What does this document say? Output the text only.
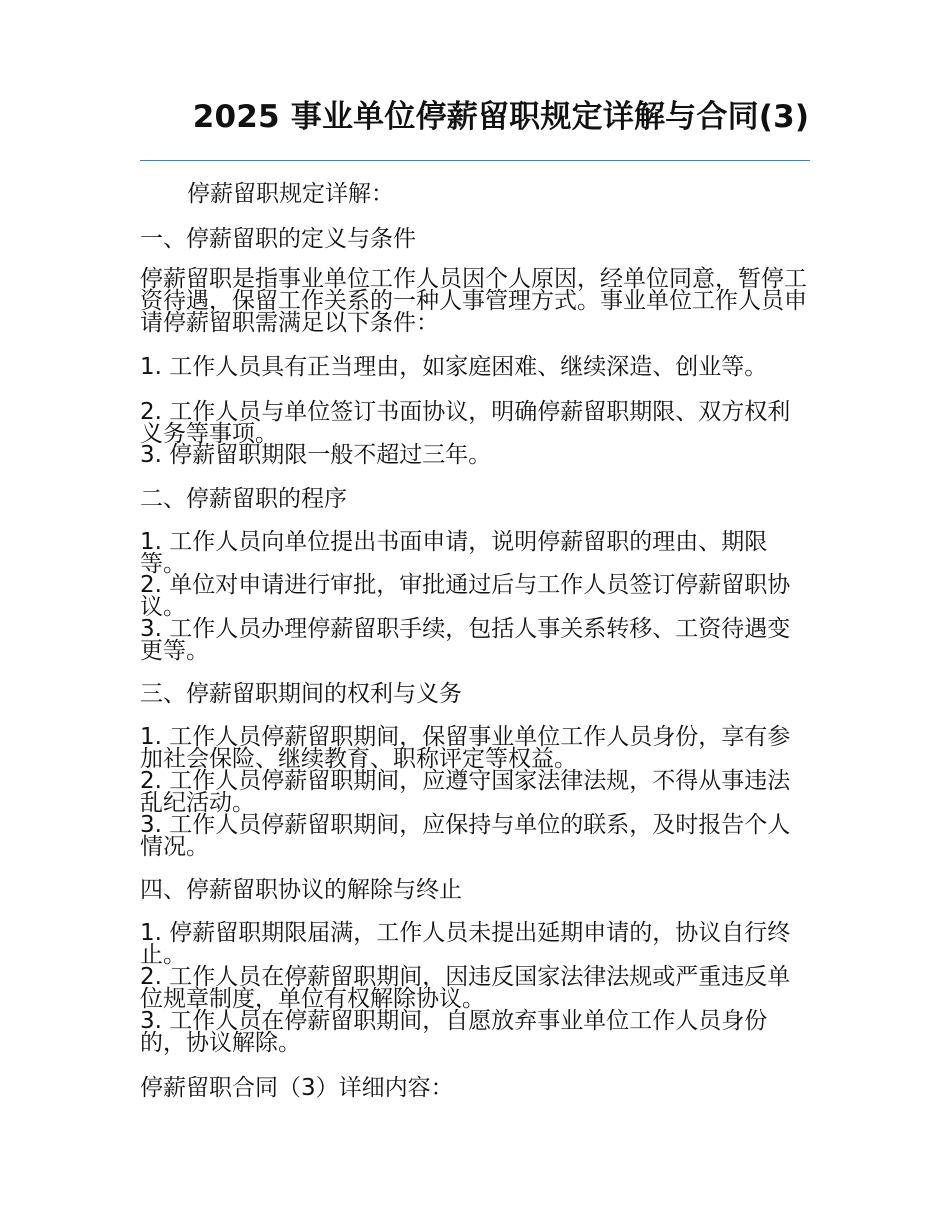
2025 事业单位停薪留职规定详解与合同(3)
停薪留职规定详解：
一、停薪留职的定义与条件
停薪留职是指事业单位工作人员因个人原因，经单位同意，暂停工资待遇，保留工作关系的一种人事管理方式。事业单位工作人员申请停薪留职需满足以下条件：
1. 工作人员具有正当理由，如家庭困难、继续深造、创业等。
2. 工作人员与单位签订书面协议，明确停薪留职期限、双方权利义务等事项。
3. 停薪留职期限一般不超过三年。
二、停薪留职的程序
1. 工作人员向单位提出书面申请，说明停薪留职的理由、期限等。
2. 单位对申请进行审批，审批通过后与工作人员签订停薪留职协议。
3. 工作人员办理停薪留职手续，包括人事关系转移、工资待遇变更等。
三、停薪留职期间的权利与义务
1. 工作人员停薪留职期间，保留事业单位工作人员身份，享有参加社会保险、继续教育、职称评定等权益。
2. 工作人员停薪留职期间，应遵守国家法律法规，不得从事违法乱纪活动。
3. 工作人员停薪留职期间，应保持与单位的联系，及时报告个人情况。
四、停薪留职协议的解除与终止
1. 停薪留职期限届满，工作人员未提出延期申请的，协议自行终止。
2. 工作人员在停薪留职期间，因违反国家法律法规或严重违反单位规章制度，单位有权解除协议。
3. 工作人员在停薪留职期间，自愿放弃事业单位工作人员身份的，协议解除。
停薪留职合同（3）详细内容：
